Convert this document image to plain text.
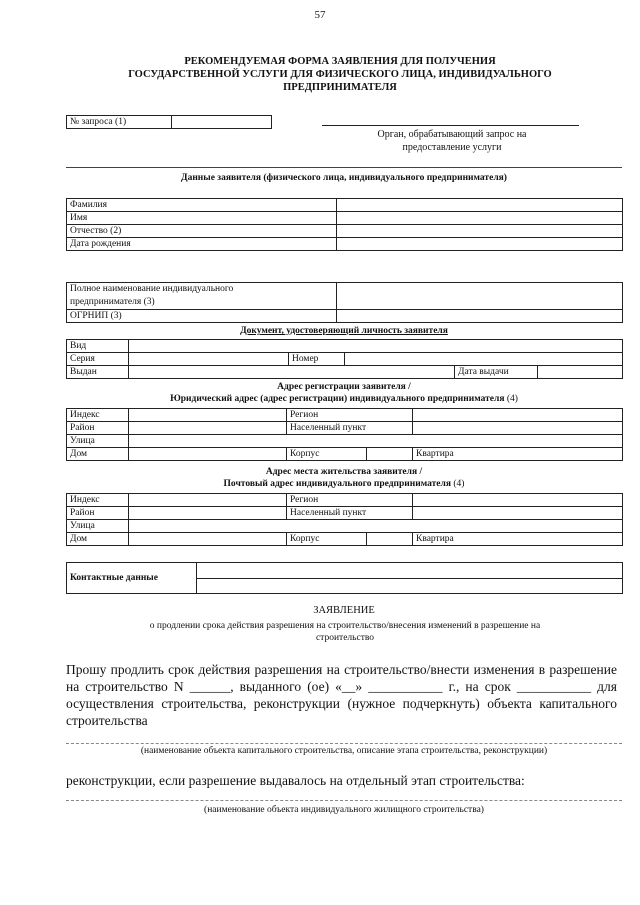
57
РЕКОМЕНДУЕМАЯ ФОРМА ЗАЯВЛЕНИЯ ДЛЯ ПОЛУЧЕНИЯ
ГОСУДАРСТВЕННОЙ УСЛУГИ ДЛЯ ФИЗИЧЕСКОГО ЛИЦА, ИНДИВИДУАЛЬНОГО
ПРЕДПРИНИМАТЕЛЯ
№ запроса (1)	
Орган, обрабатывающий запрос на
предоставление услуги
Данные заявителя (физического лица, индивидуального предпринимателя)
Фамилия	
Имя	
Отчество (2)	
Дата рождения	
Полное наименование индивидуального
предпринимателя (3)	

ОГРНИП (3)	
Документ, удостоверяющий личность заявителя
Вид					
Серия		Номер			
Выдан				Дата выдачи	
Адрес регистрации заявителя /
Юридический адрес (адрес регистрации) индивидуального предпринимателя (4)
Индекс		Регион		
Район		Населенный пункт		
Улица				
Дом		Корпус		Квартира
Адрес места жительства заявителя /
Почтовый адрес индивидуального предпринимателя (4)
Индекс		Регион		
Район		Населенный пункт		
Улица				
Дом		Корпус		Квартира
Контактные данные	
ЗАЯВЛЕНИЕ
о продлении срока действия разрешения на строительство/внесения изменений в разрешение на
строительство
Прошу продлить срок действия разрешения на строительство/внести изменения в разрешение на строительство N ______, выданного (ое) «__» ___________ г., на срок ___________ для осуществления строительства, реконструкции (нужное подчеркнуть) объекта капитального строительства
(наименование объекта капитального строительства, описание этапа строительства, реконструкции)
реконструкции, если разрешение выдавалось на отдельный этап строительства:
(наименование объекта индивидуального жилищного строительства)
